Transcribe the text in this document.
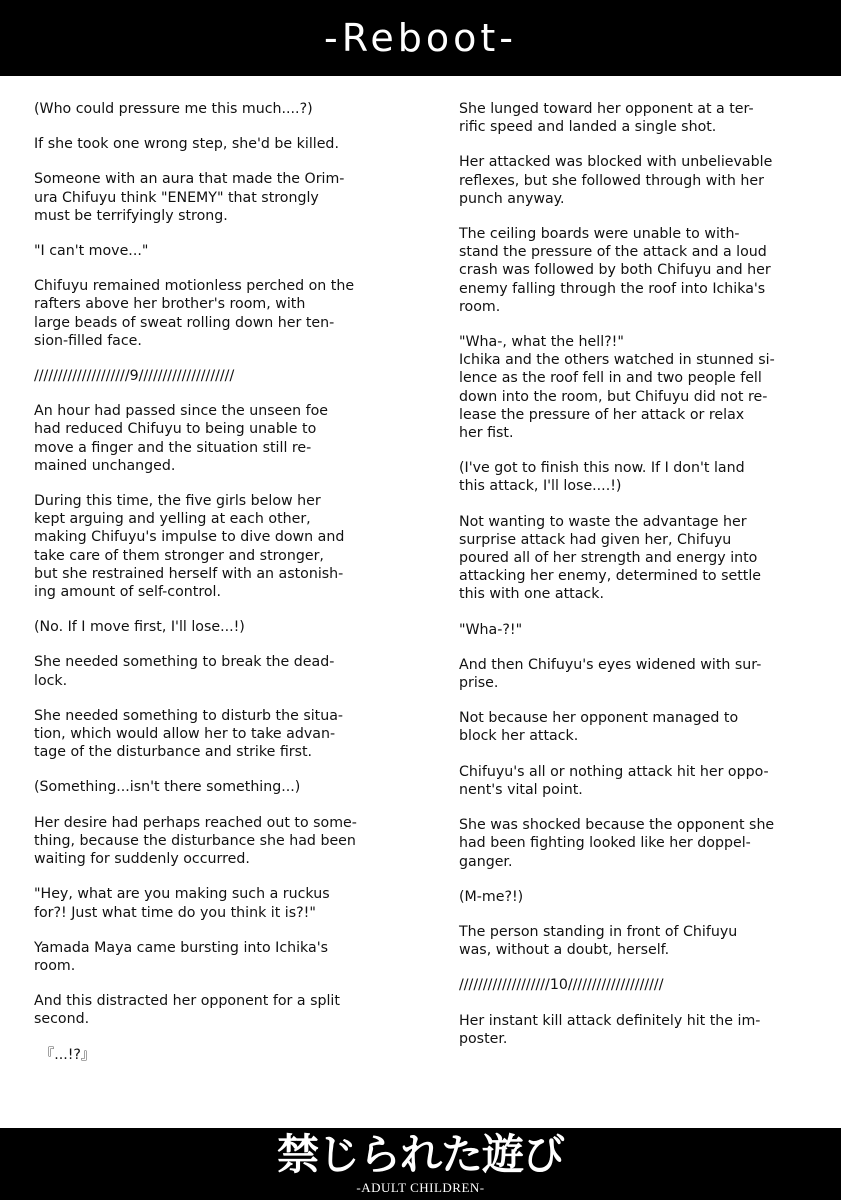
-Reboot-

(Who could pressure me this much....?)

If she took one wrong step, she'd be killed.

Someone with an aura that made the Orim-
ura Chifuyu think "ENEMY" that strongly
must be terrifyingly strong.

"I can't move..."

Chifuyu remained motionless perched on the
rafters above her brother's room, with
large beads of sweat rolling down her ten-
sion-filled face.

////////////////////9////////////////////

An hour had passed since the unseen foe
had reduced Chifuyu to being unable to
move a finger and the situation still re-
mained unchanged.

During this time, the five girls below her
kept arguing and yelling at each other,
making Chifuyu's impulse to dive down and
take care of them stronger and stronger,
but she restrained herself with an astonish-
ing amount of self-control.

(No. If I move first, I'll lose...!)

She needed something to break the dead-
lock.

She needed something to disturb the situa-
tion, which would allow her to take advan-
tage of the disturbance and strike first.

(Something...isn't there something...)

Her desire had perhaps reached out to some-
thing, because the disturbance she had been
waiting for suddenly occurred.

"Hey, what are you making such a ruckus
for?! Just what time do you think it is?!"

Yamada Maya came bursting into Ichika's
room.

And this distracted her opponent for a split
second.

『...!?』

She lunged toward her opponent at a ter-
rific speed and landed a single shot.

Her attacked was blocked with unbelievable
reflexes, but she followed through with her
punch anyway.

The ceiling boards were unable to with-
stand the pressure of the attack and a loud
crash was followed by both Chifuyu and her
enemy falling through the roof into Ichika's
room.

"Wha-, what the hell?!"

Ichika and the others watched in stunned si-
lence as the roof fell in and two people fell
down into the room, but Chifuyu did not re-
lease the pressure of her attack or relax
her fist.

(I've got to finish this now. If I don't land
this attack, I'll lose....!)

Not wanting to waste the advantage her
surprise attack had given her, Chifuyu
poured all of her strength and energy into
attacking her enemy, determined to settle
this with one attack.

"Wha-?!"

And then Chifuyu's eyes widened with sur-
prise.

Not because her opponent managed to
block her attack.

Chifuyu's all or nothing attack hit her oppo-
nent's vital point.

She was shocked because the opponent she
had been fighting looked like her doppel-
ganger.

(M-me?!)

The person standing in front of Chifuyu
was, without a doubt, herself.

///////////////////10////////////////////

Her instant kill attack definitely hit the im-
poster.

禁じられた遊び
-ADULT CHILDREN-
